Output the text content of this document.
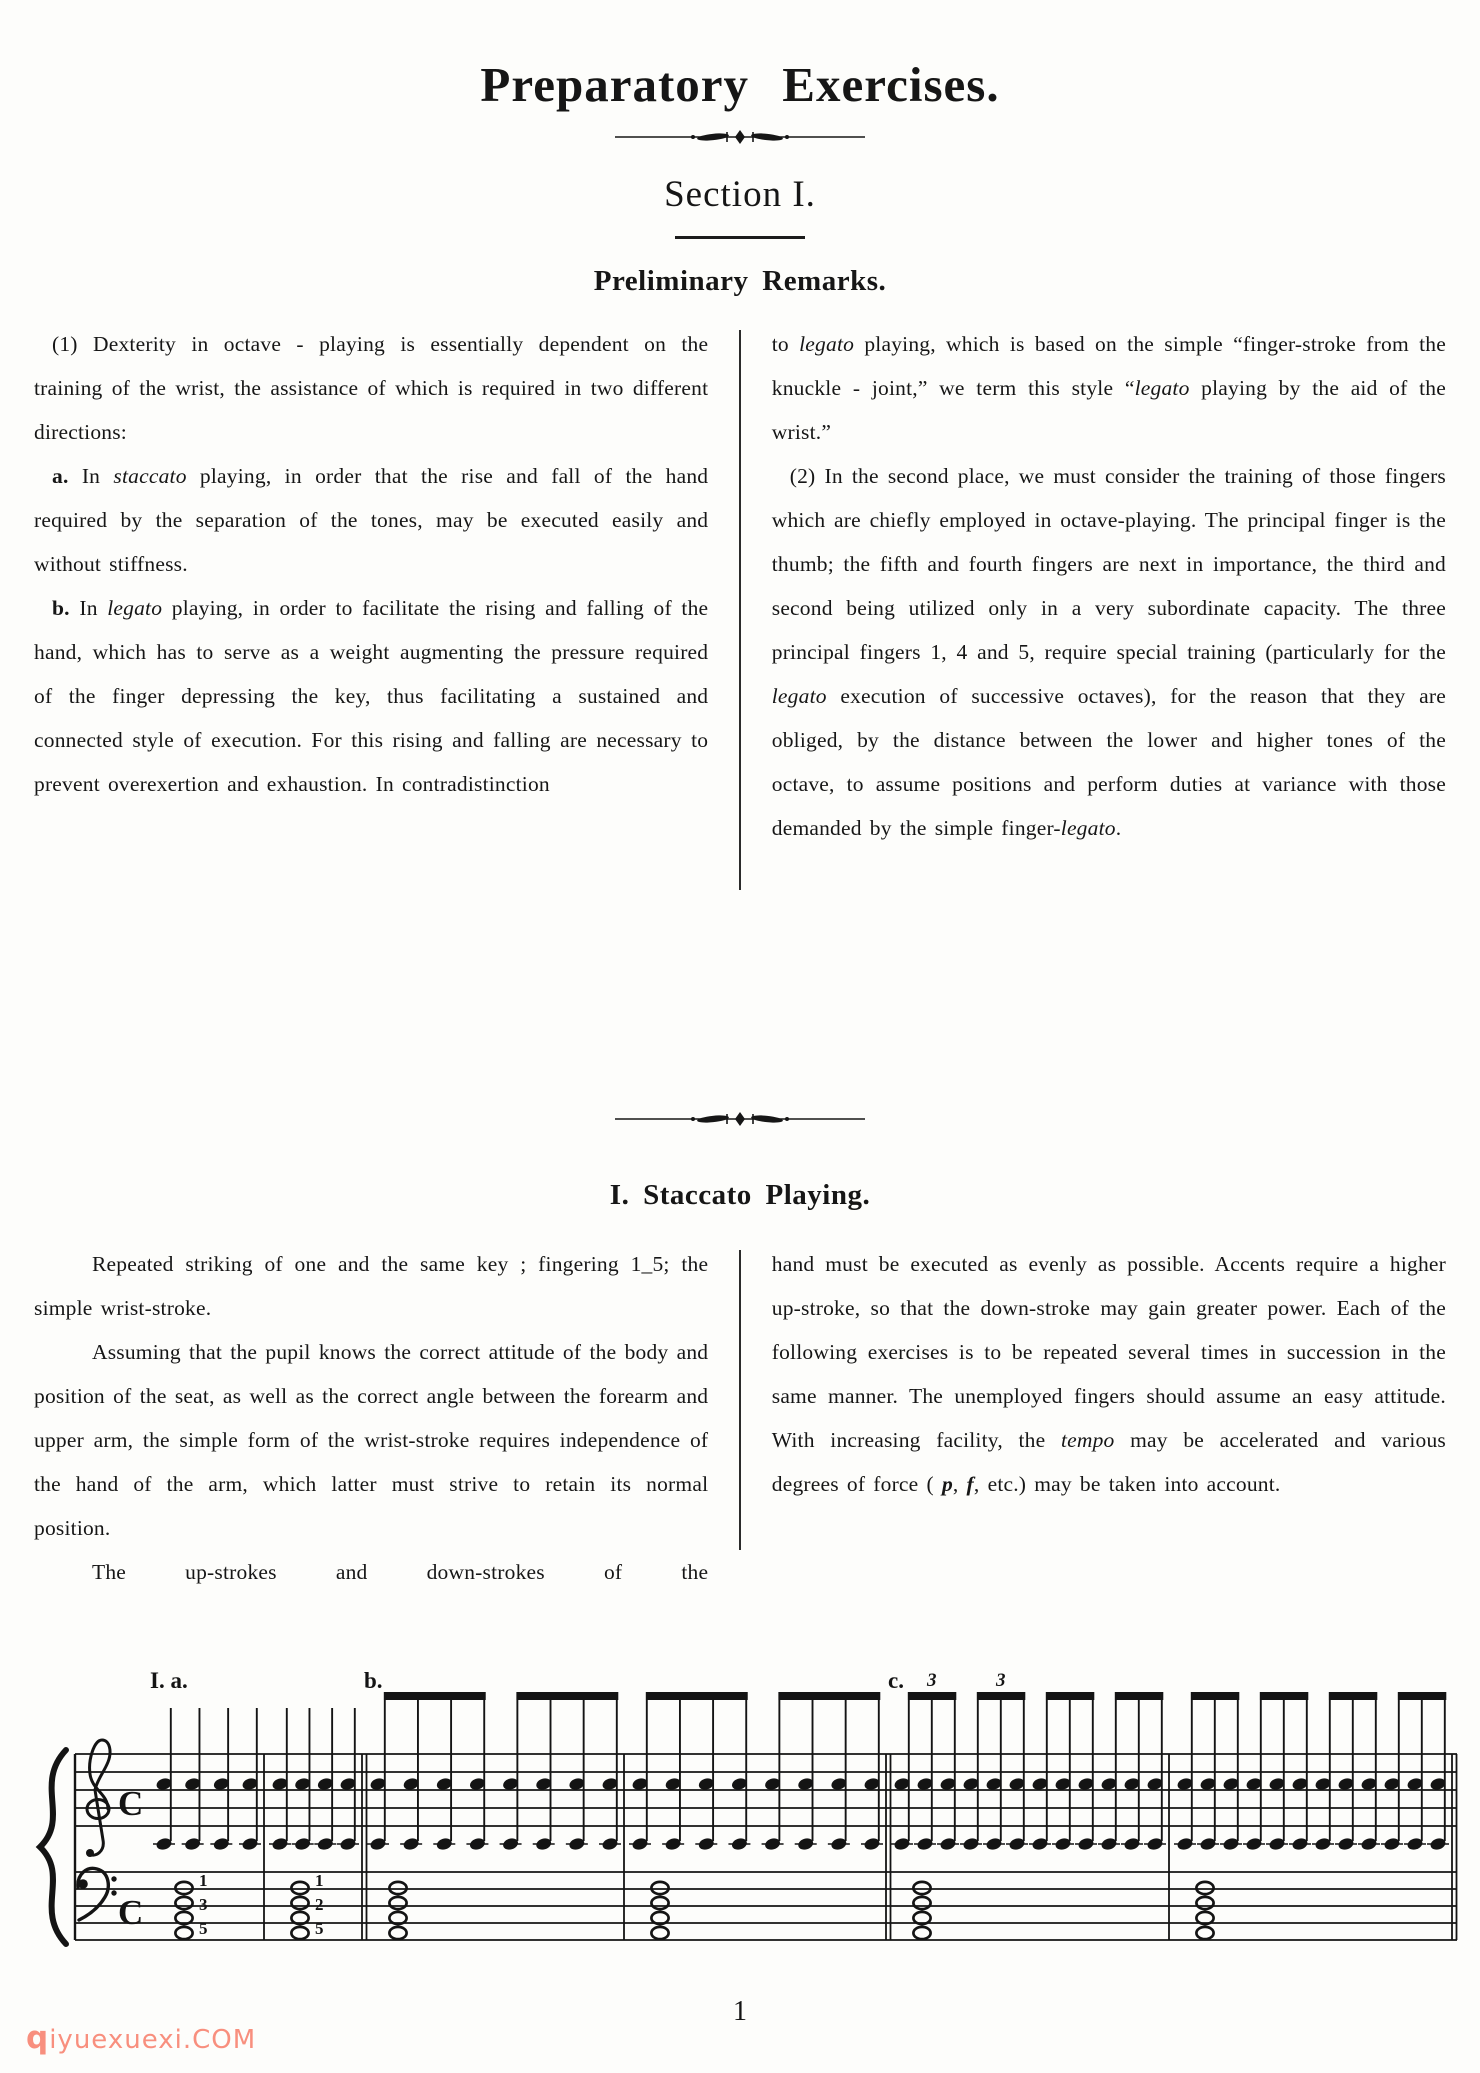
Preparatory Exercises.
Section I.
Preliminary Remarks.

(1) Dexterity in octave - playing is essentially dependent on the training of the wrist, the assistance of which is required in two different directions:

a. In staccato playing, in order that the rise and fall of the hand required by the separation of the tones, may be executed easily and without stiffness.

b. In legato playing, in order to facilitate the rising and falling of the hand, which has to serve as a weight augmenting the pressure required of the finger depressing the key, thus facilitating a sustained and connected style of execution. For this rising and falling are necessary to prevent overexertion and exhaustion. In contradistinction

to legato playing, which is based on the simple “finger-stroke from the knuckle - joint,” we term this style “legato playing by the aid of the wrist.”

(2) In the second place, we must consider the training of those fingers which are chiefly employed in octave-playing. The principal finger is the thumb; the fifth and fourth fingers are next in importance, the third and second being utilized only in a very subordinate capacity. The three principal fingers 1, 4 and 5, require special training (particularly for the legato execution of successive octaves), for the reason that they are obliged, by the distance between the lower and higher tones of the octave, to assume positions and perform duties at variance with those demanded by the simple finger-legato.

I. Staccato Playing.

Repeated striking of one and the same key ; fingering 1_5; the simple wrist-stroke.

Assuming that the pupil knows the correct attitude of the body and position of the seat, as well as the correct angle between the forearm and upper arm, the simple form of the wrist-stroke requires independence of the hand of the arm, which latter must strive to retain its normal position.

The up-strokes and down-strokes of the

hand must be executed as evenly as possible. Accents require a higher up-stroke, so that the down-stroke may gain greater power. Each of the following exercises is to be repeated several times in succession in the same manner. The unemployed fingers should assume an easy attitude. With increasing facility, the tempo may be accelerated and various degrees of force ( p, f, etc.) may be taken into account.

C
C
I. a.
1
3
5
1
2
5
b.	c. 3	3
1
qiyuexuexi.COM
